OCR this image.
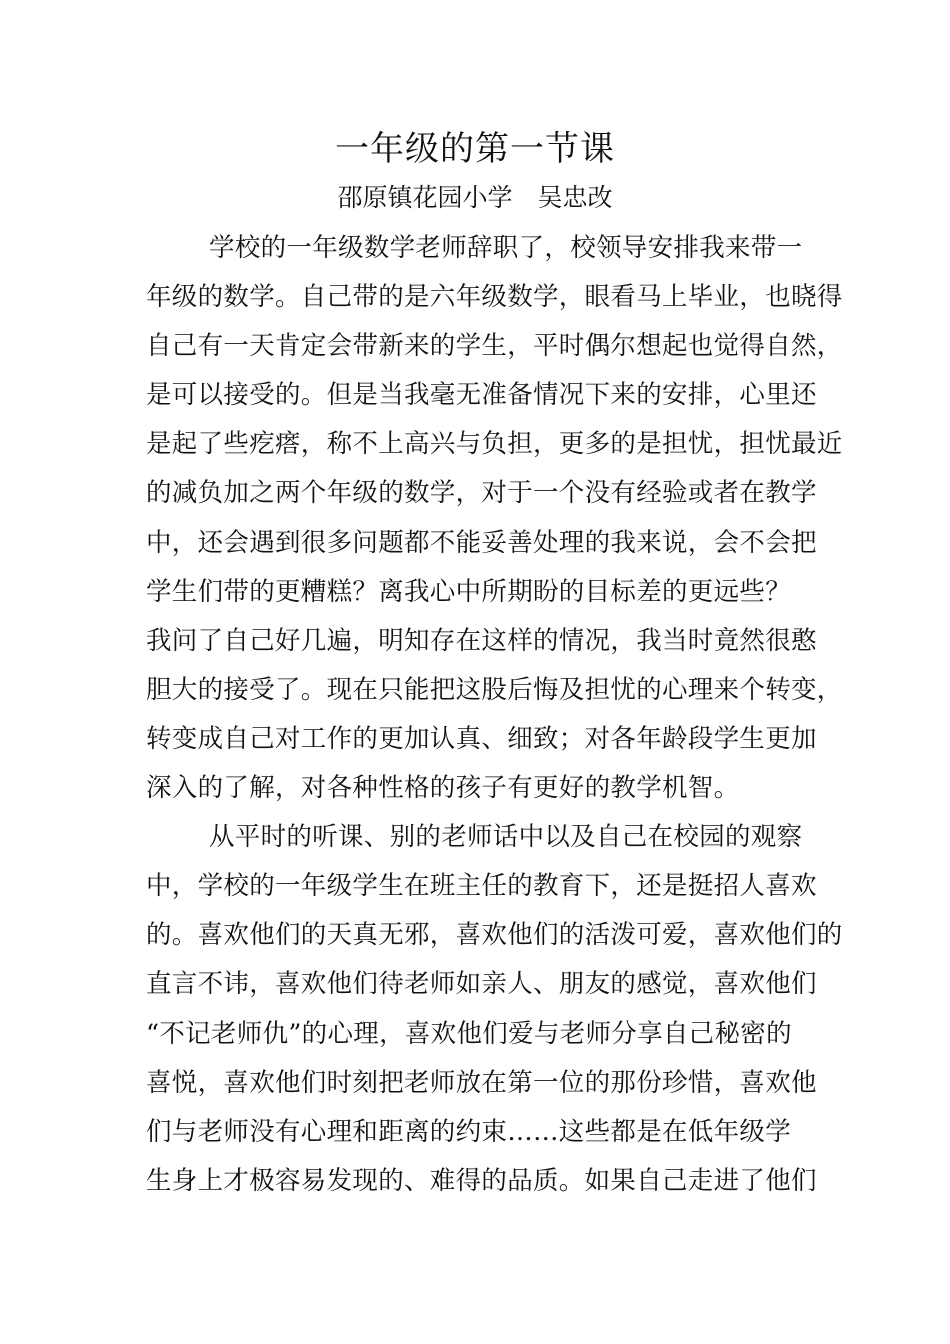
一年级的第一节课
邵原镇花园小学　吴忠改
学校的一年级数学老师辞职了，校领导安排我来带一
年级的数学。自己带的是六年级数学，眼看马上毕业，也晓得
自己有一天肯定会带新来的学生，平时偶尔想起也觉得自然，
是可以接受的。但是当我毫无准备情况下来的安排，心里还
是起了些疙瘩，称不上高兴与负担，更多的是担忧，担忧最近
的减负加之两个年级的数学，对于一个没有经验或者在教学
中，还会遇到很多问题都不能妥善处理的我来说，会不会把
学生们带的更糟糕？离我心中所期盼的目标差的更远些？
我问了自己好几遍，明知存在这样的情况，我当时竟然很憨
胆大的接受了。现在只能把这股后悔及担忧的心理来个转变，
转变成自己对工作的更加认真、细致；对各年龄段学生更加
深入的了解，对各种性格的孩子有更好的教学机智。
从平时的听课、别的老师话中以及自己在校园的观察
中，学校的一年级学生在班主任的教育下，还是挺招人喜欢
的。喜欢他们的天真无邪，喜欢他们的活泼可爱，喜欢他们的
直言不讳，喜欢他们待老师如亲人、朋友的感觉，喜欢他们
“不记老师仇”的心理，喜欢他们爱与老师分享自己秘密的
喜悦，喜欢他们时刻把老师放在第一位的那份珍惜，喜欢他
们与老师没有心理和距离的约束……这些都是在低年级学
生身上才极容易发现的、难得的品质。如果自己走进了他们
